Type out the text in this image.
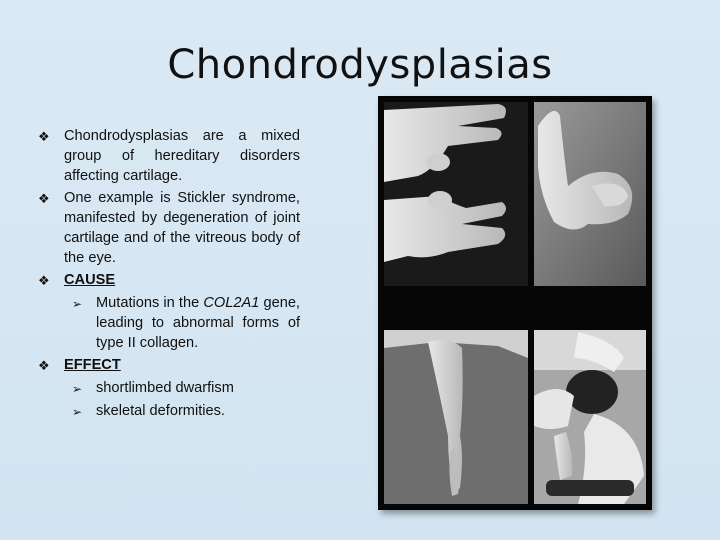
Chondrodysplasias
❖ Chondrodysplasias are a mixed group of hereditary disorders affecting cartilage.
❖ One example is Stickler syndrome, manifested by degeneration of joint cartilage and of the vitreous body of the eye.
❖ CAUSE
➢ Mutations in the COL2A1 gene, leading to abnormal forms of type II collagen.
❖ EFFECT
➢ shortlimbed dwarfism
➢ skeletal deformities.
